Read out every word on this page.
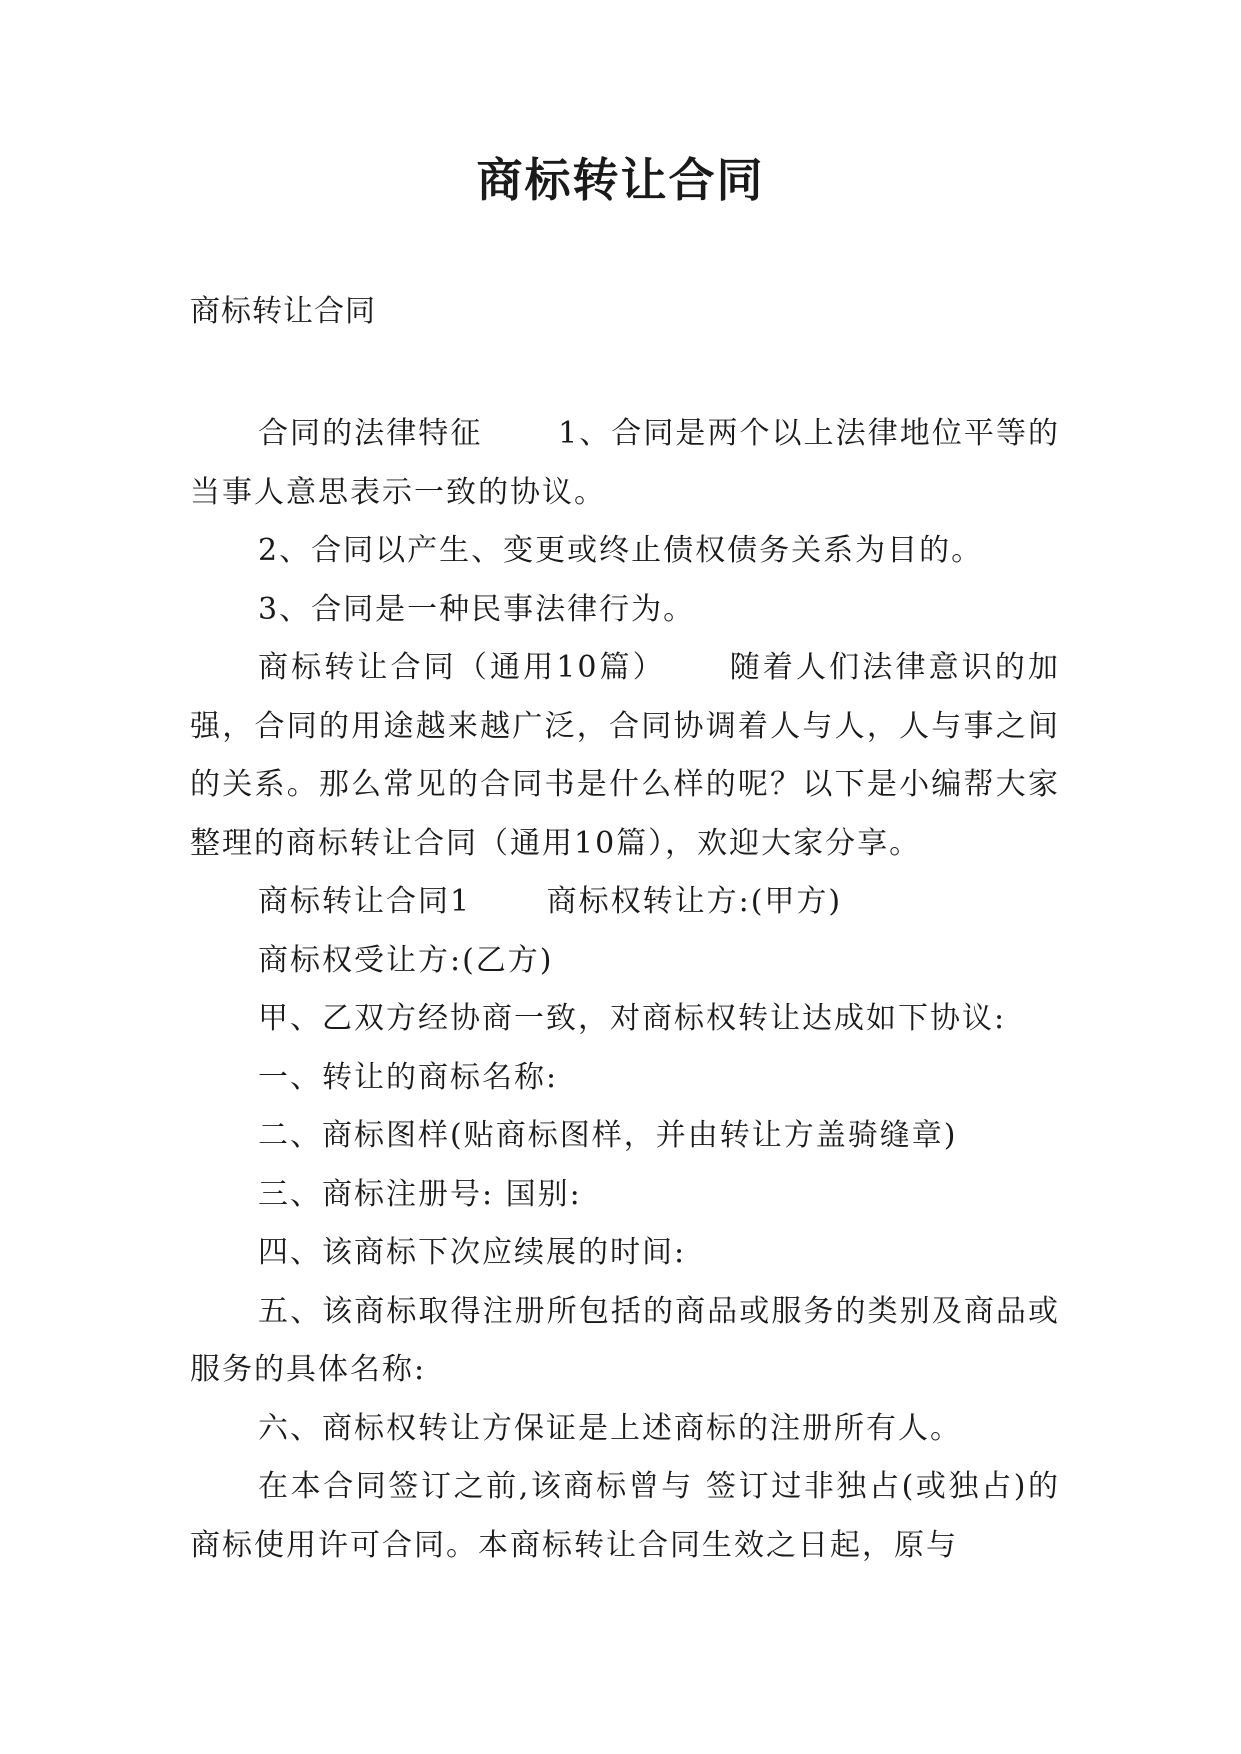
商标转让合同
商标转让合同

合同的法律特征　　 1、合同是两个以上法律地位平等的当事人意思表示一致的协议。

2、合同以产生、变更或终止债权债务关系为目的。

3、合同是一种民事法律行为。

商标转让合同（通用10篇）　　 随着人们法律意识的加强，合同的用途越来越广泛，合同协调着人与人，人与事之间的关系。那么常见的合同书是什么样的呢？以下是小编帮大家整理的商标转让合同（通用10篇），欢迎大家分享。

商标转让合同1　　 商标权转让方:(甲方)

商标权受让方:(乙方)

甲、乙双方经协商一致，对商标权转让达成如下协议:

一、转让的商标名称:

二、商标图样(贴商标图样，并由转让方盖骑缝章)

三、商标注册号: 国别:

四、该商标下次应续展的时间:

五、该商标取得注册所包括的商品或服务的类别及商品或服务的具体名称:

六、商标权转让方保证是上述商标的注册所有人。

在本合同签订之前,该商标曾与 签订过非独占(或独占)的商标使用许可合同。本商标转让合同生效之日起，原与
